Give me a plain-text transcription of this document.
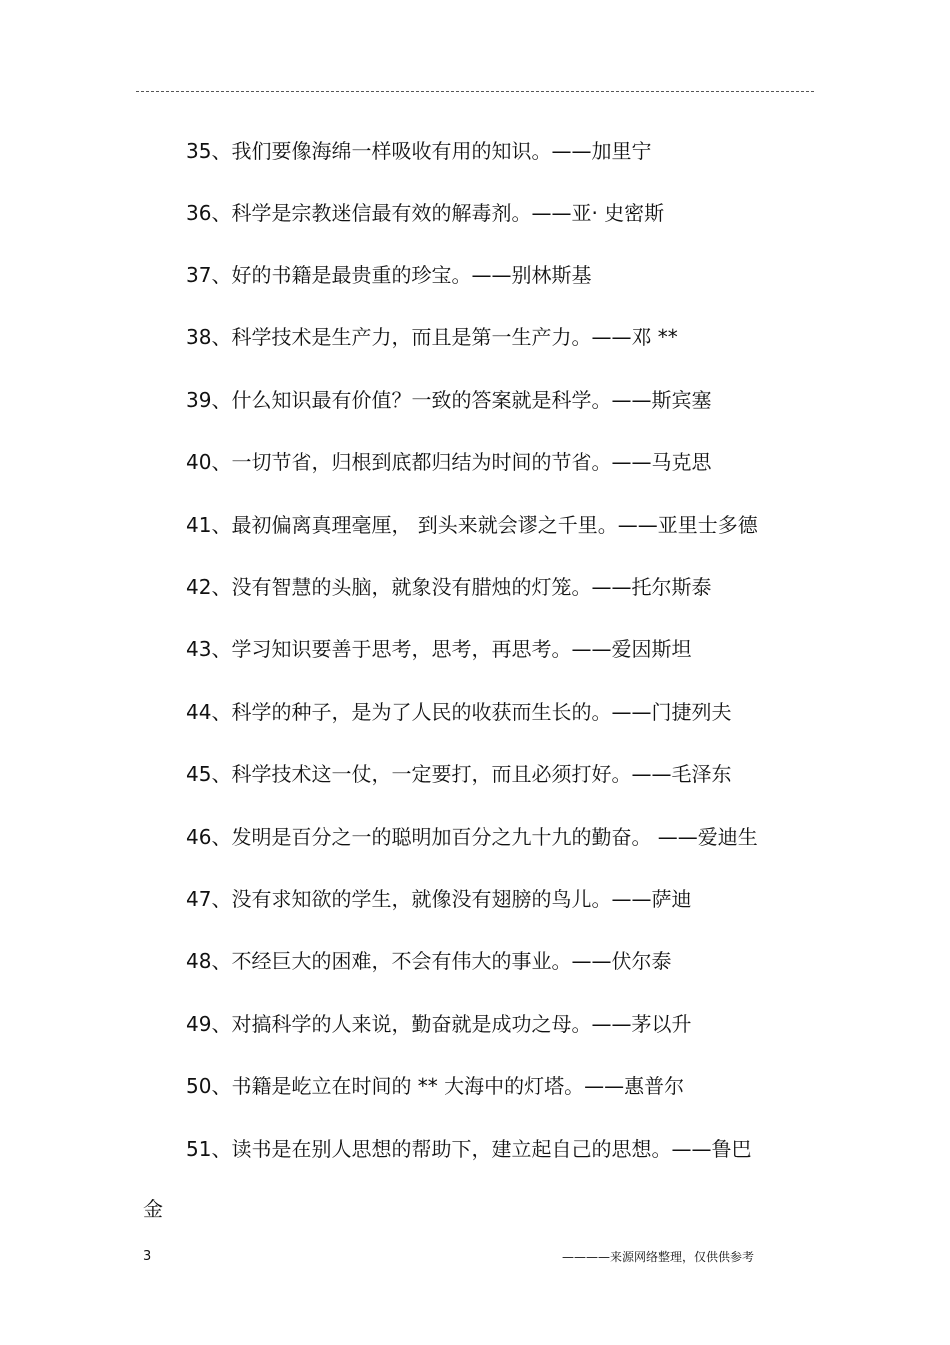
35、我们要像海绵一样吸收有用的知识。——加里宁
36、科学是宗教迷信最有效的解毒剂。——亚· 史密斯
37、好的书籍是最贵重的珍宝。——别林斯基
38、科学技术是生产力，而且是第一生产力。——邓 **
39、什么知识最有价值？一致的答案就是科学。——斯宾塞
40、一切节省，归根到底都归结为时间的节省。——马克思
41、最初偏离真理毫厘， 到头来就会谬之千里。——亚里士多德
42、没有智慧的头脑，就象没有腊烛的灯笼。——托尔斯泰
43、学习知识要善于思考，思考，再思考。——爱因斯坦
44、科学的种子，是为了人民的收获而生长的。——门捷列夫
45、科学技术这一仗，一定要打，而且必须打好。——毛泽东
46、发明是百分之一的聪明加百分之九十九的勤奋。 ——爱迪生
47、没有求知欲的学生，就像没有翅膀的鸟儿。——萨迪
48、不经巨大的困难，不会有伟大的事业。——伏尔泰
49、对搞科学的人来说，勤奋就是成功之母。——茅以升
50、书籍是屹立在时间的 ** 大海中的灯塔。——惠普尔
51、读书是在别人思想的帮助下，建立起自己的思想。——鲁巴
金
3	————来源网络整理，仅供供参考
